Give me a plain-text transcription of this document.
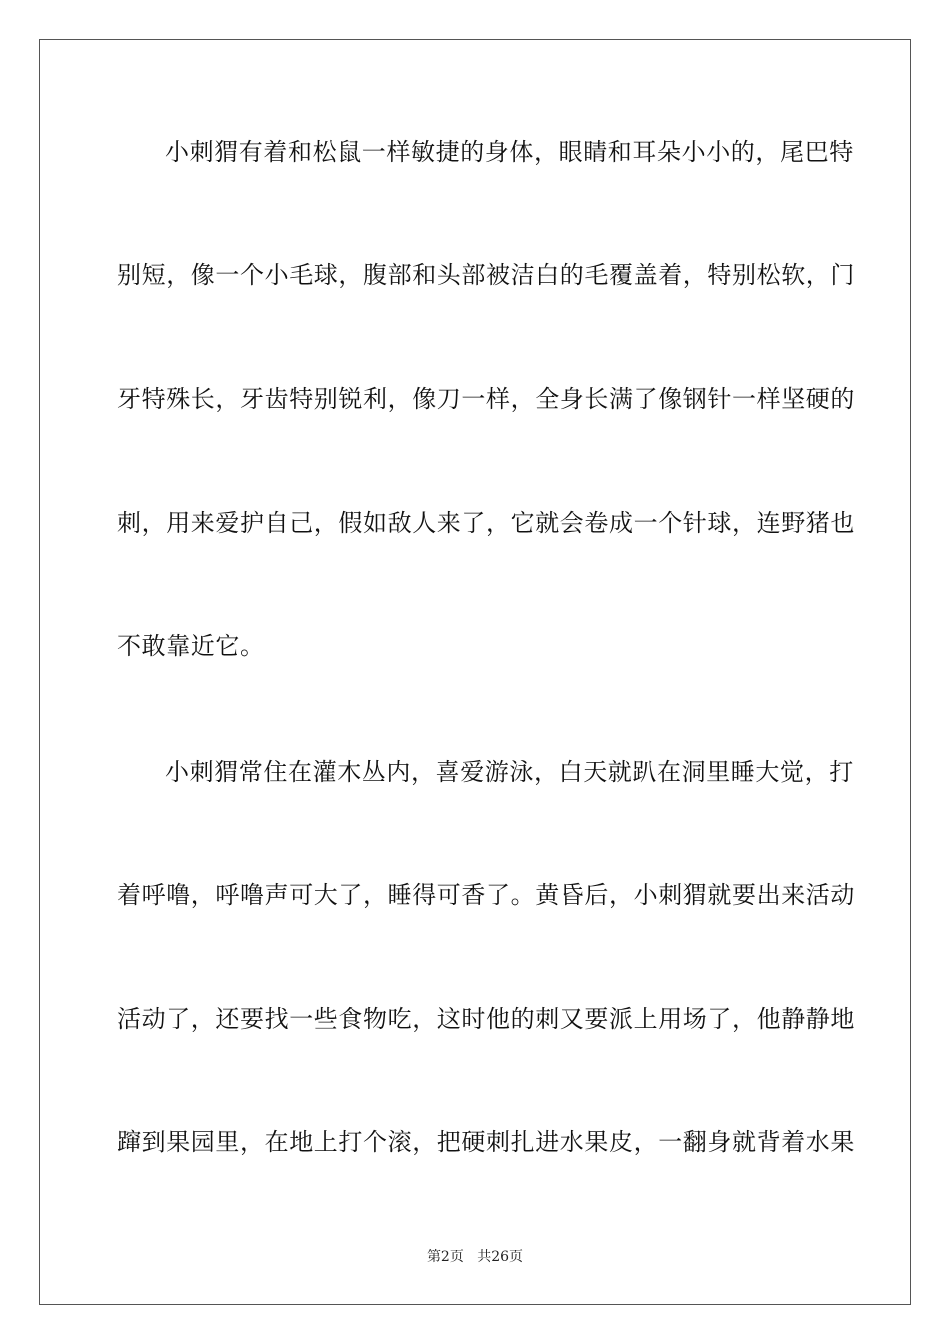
小刺猬有着和松鼠一样敏捷的身体，眼睛和耳朵小小的，尾巴特
别短，像一个小毛球，腹部和头部被洁白的毛覆盖着，特别松软，门
牙特殊长，牙齿特别锐利，像刀一样，全身长满了像钢针一样坚硬的
刺，用来爱护自己，假如敌人来了，它就会卷成一个针球，连野猪也
不敢靠近它。
小刺猬常住在灌木丛内，喜爱游泳，白天就趴在洞里睡大觉，打
着呼噜，呼噜声可大了，睡得可香了。黄昏后，小刺猬就要出来活动
活动了，还要找一些食物吃，这时他的刺又要派上用场了，他静静地
蹿到果园里，在地上打个滚，把硬刺扎进水果皮，一翻身就背着水果
第2页 共26页
